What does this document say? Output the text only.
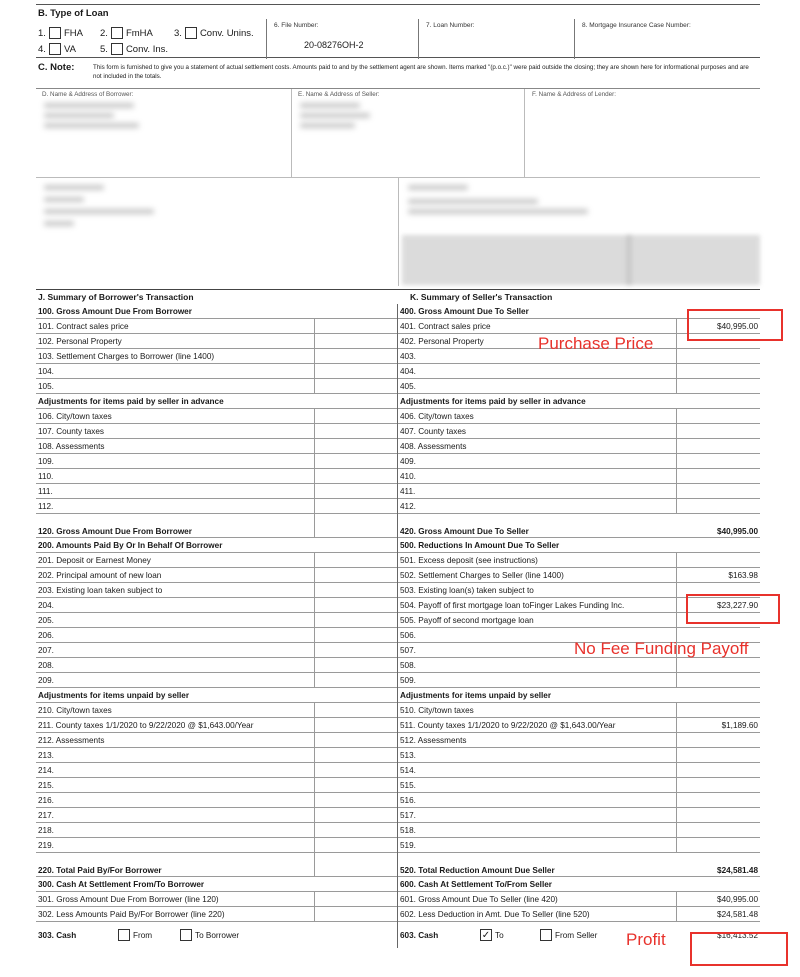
B. Type of Loan
1. FHA 2. FmHA 3. Conv. Unins.
4. VA	5. Conv. Ins.
6. File Number:
20-08276OH-2
7. Loan Number:	8. Mortgage Insurance Case Number:
C. Note:	This form is furnished to give you a statement of actual settlement costs. Amounts paid to and by the settlement agent are shown. Items marked "(p.o.c.)" were paid outside the closing; they are shown here for informational purposes and are not included in the totals.
D. Name & Address of Borrower:	E. Name & Address of Seller:	F. Name & Address of Lender:
J. Summary of Borrower's Transaction	K. Summary of Seller's Transaction
100. Gross Amount Due From Borrower
101. Contract sales price
102. Personal Property
103. Settlement Charges to Borrower (line 1400)
104.
105.
Adjustments for items paid by seller in advance
106. City/town taxes
107. County taxes
108. Assessments
109.
110.
111.
112.
120. Gross Amount Due From Borrower
200. Amounts Paid By Or In Behalf Of Borrower
201. Deposit or Earnest Money
202. Principal amount of new loan
203. Existing loan taken subject to
204.
205.
206.
207.
208.
209.
Adjustments for items unpaid by seller
210. City/town taxes
211. County taxes 1/1/2020 to 9/22/2020 @ $1,643.00/Year
212. Assessments
213.
214.
215.
216.
217.
218.
219.
220. Total Paid By/For Borrower
300. Cash At Settlement From/To Borrower
301. Gross Amount Due From Borrower (line 120)
302. Less Amounts Paid By/For Borrower (line 220)
303. Cash	From	To Borrower
400. Gross Amount Due To Seller
401. Contract sales price	$40,995.00
402. Personal Property
403.
404.
405.
Adjustments for items paid by seller in advance
406. City/town taxes
407. County taxes
408. Assessments
409.
410.
411.
412.
420. Gross Amount Due To Seller	$40,995.00
500. Reductions In Amount Due To Seller
501. Excess deposit (see instructions)
502. Settlement Charges to Seller (line 1400)	$163.98
503. Existing loan(s) taken subject to
504. Payoff of first mortgage loan toFinger Lakes Funding Inc.	$23,227.90
505. Payoff of second mortgage loan
506.
507.
508.
509.
Adjustments for items unpaid by seller
510. City/town taxes
511. County taxes 1/1/2020 to 9/22/2020 @ $1,643.00/Year	$1,189.60
512. Assessments
513.
514.
515.
516.
517.
518.
519.
520. Total Reduction Amount Due Seller	$24,581.48
600. Cash At Settlement To/From Seller
601. Gross Amount Due To Seller (line 420)	$40,995.00
602. Less Deduction in Amt. Due To Seller (line 520)	$24,581.48
603. Cash	✓ To	From Seller	$16,413.52
Purchase Price
No Fee Funding Payoff
Profit
